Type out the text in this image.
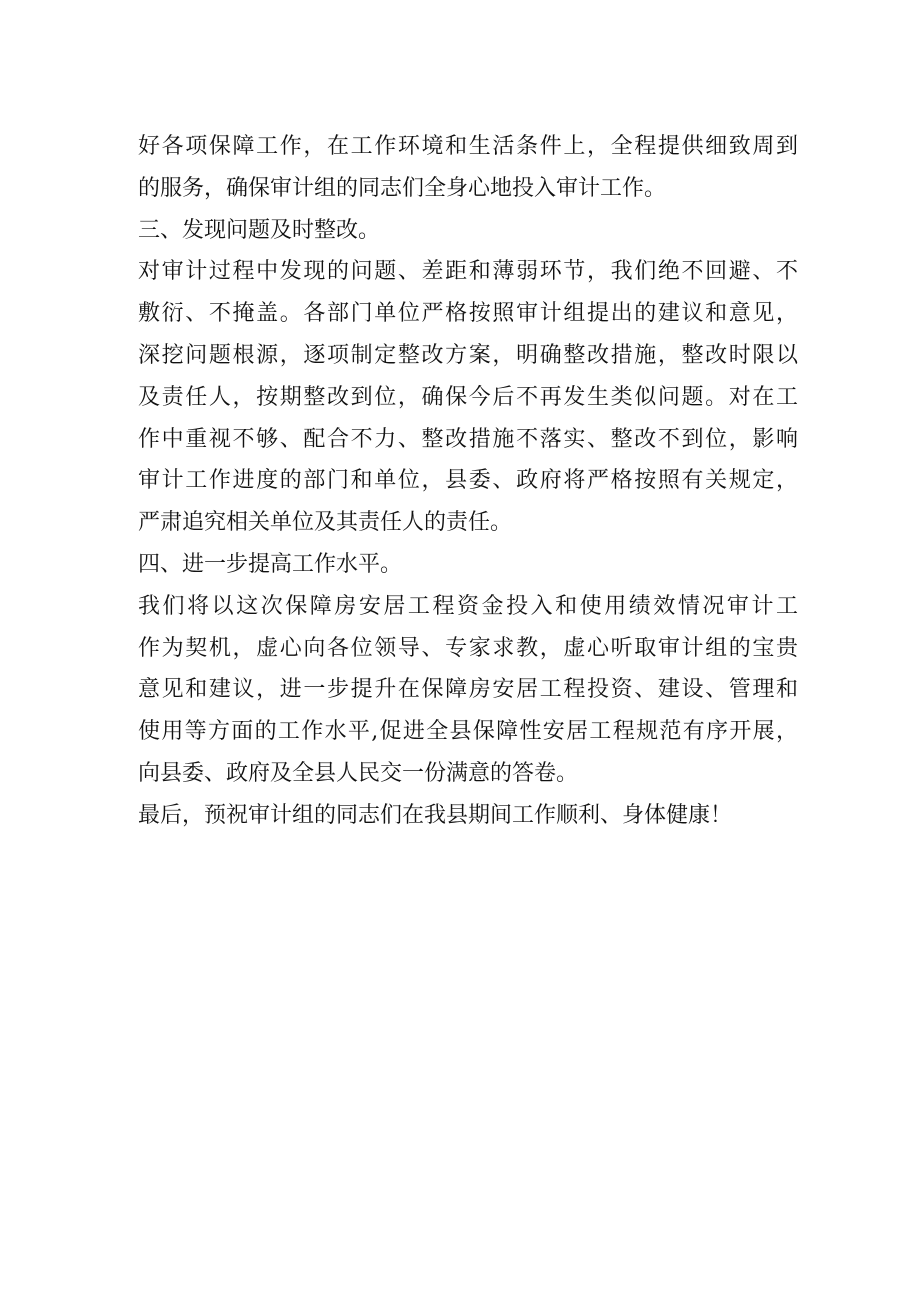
好各项保障工作，在工作环境和生活条件上，全程提供细致周到
的服务，确保审计组的同志们全身心地投入审计工作。
三、发现问题及时整改。
对审计过程中发现的问题、差距和薄弱环节，我们绝不回避、不
敷衍、不掩盖。各部门单位严格按照审计组提出的建议和意见，
深挖问题根源，逐项制定整改方案，明确整改措施，整改时限以
及责任人，按期整改到位，确保今后不再发生类似问题。对在工
作中重视不够、配合不力、整改措施不落实、整改不到位，影响
审计工作进度的部门和单位，县委、政府将严格按照有关规定，
严肃追究相关单位及其责任人的责任。
四、进一步提高工作水平。
我们将以这次保障房安居工程资金投入和使用绩效情况审计工
作为契机，虚心向各位领导、专家求教，虚心听取审计组的宝贵
意见和建议，进一步提升在保障房安居工程投资、建设、管理和
使用等方面的工作水平,促进全县保障性安居工程规范有序开展，
向县委、政府及全县人民交一份满意的答卷。
最后，预祝审计组的同志们在我县期间工作顺利、身体健康！
